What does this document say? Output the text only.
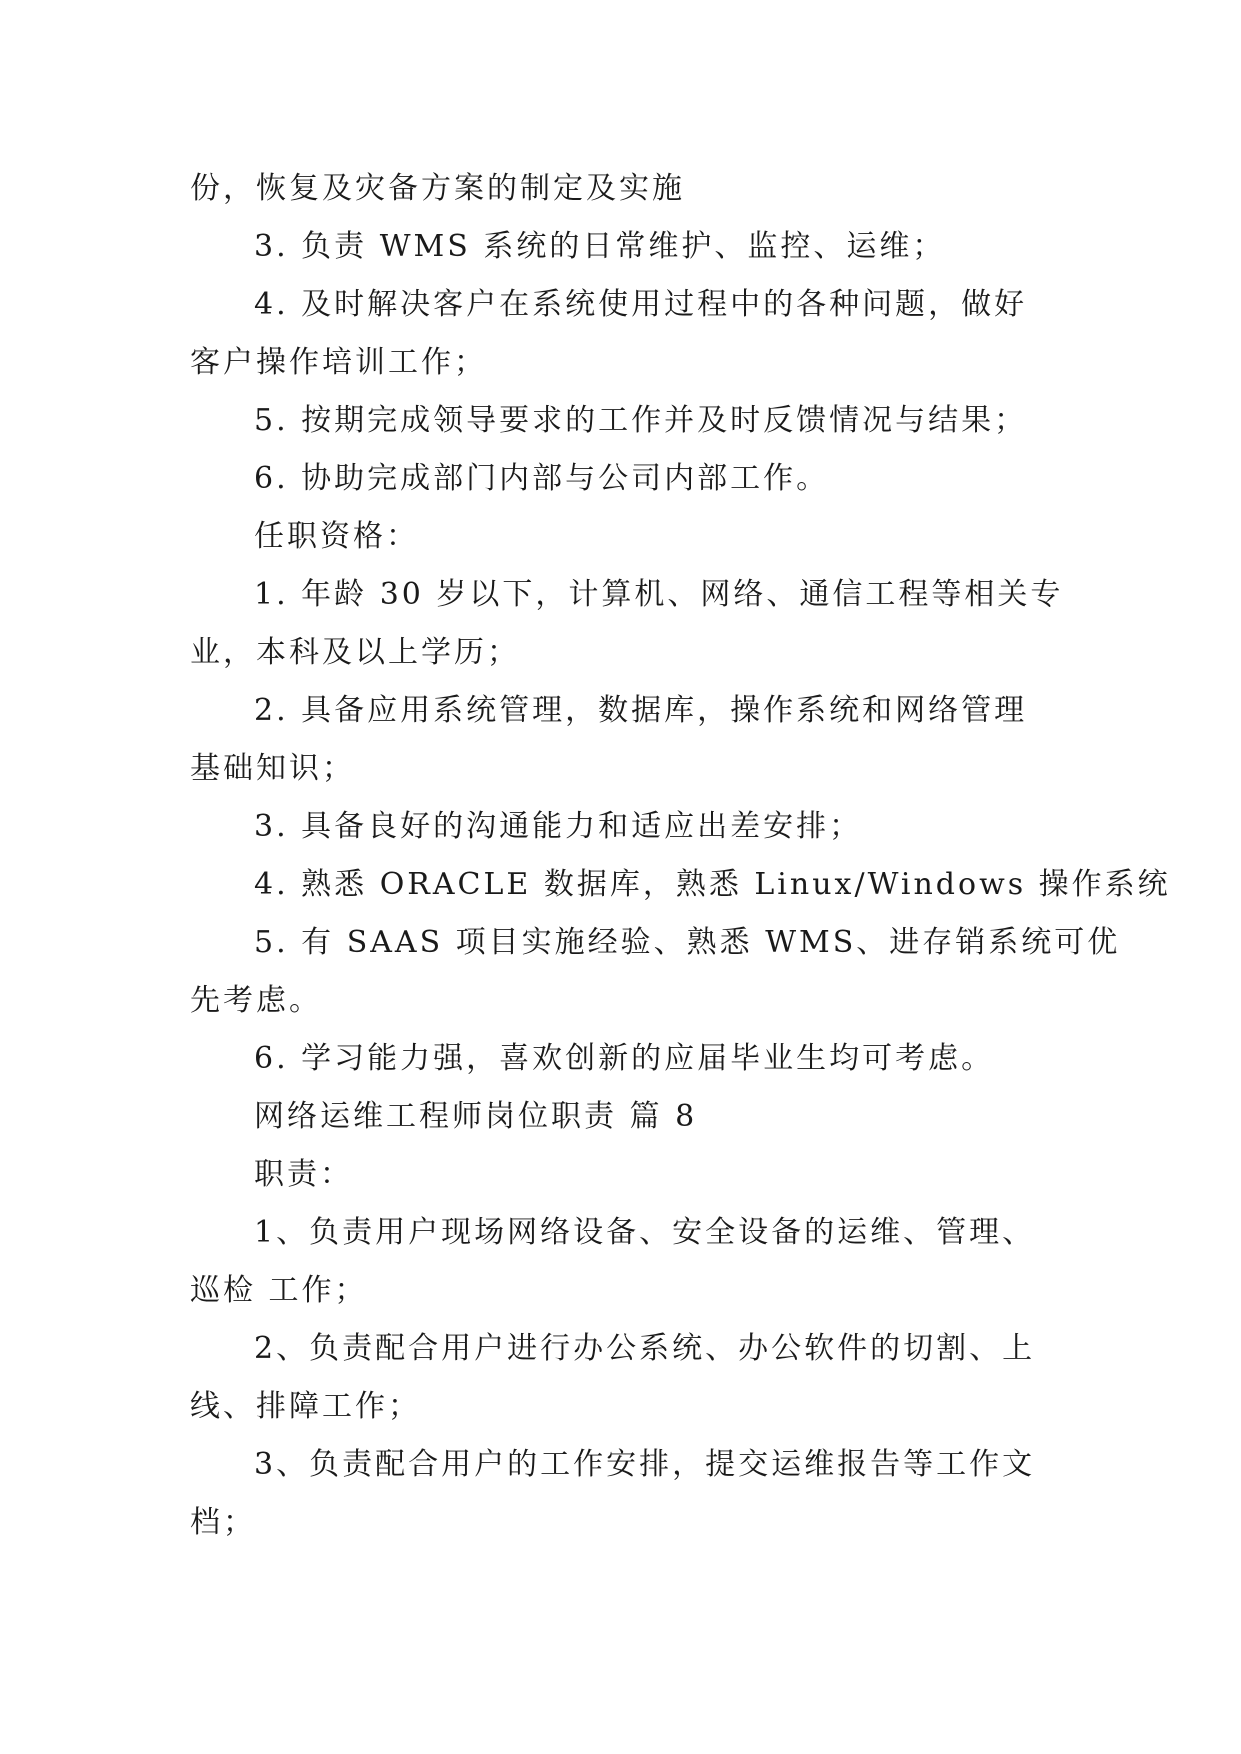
份，恢复及灾备方案的制定及实施
3. 负责 WMS 系统的日常维护、监控、运维；
4. 及时解决客户在系统使用过程中的各种问题，做好
客户操作培训工作；
5. 按期完成领导要求的工作并及时反馈情况与结果；
6. 协助完成部门内部与公司内部工作。
任职资格：
1. 年龄 30 岁以下，计算机、网络、通信工程等相关专
业，本科及以上学历；
2. 具备应用系统管理，数据库，操作系统和网络管理
基础知识；
3. 具备良好的沟通能力和适应出差安排；
4. 熟悉 ORACLE 数据库，熟悉 Linux/Windows 操作系统
5. 有 SAAS 项目实施经验、熟悉 WMS、进存销系统可优
先考虑。
6. 学习能力强，喜欢创新的应届毕业生均可考虑。
网络运维工程师岗位职责 篇 8
职责：
1、负责用户现场网络设备、安全设备的运维、管理、
巡检 工作；
2、负责配合用户进行办公系统、办公软件的切割、上
线、排障工作；
3、负责配合用户的工作安排，提交运维报告等工作文
档；
